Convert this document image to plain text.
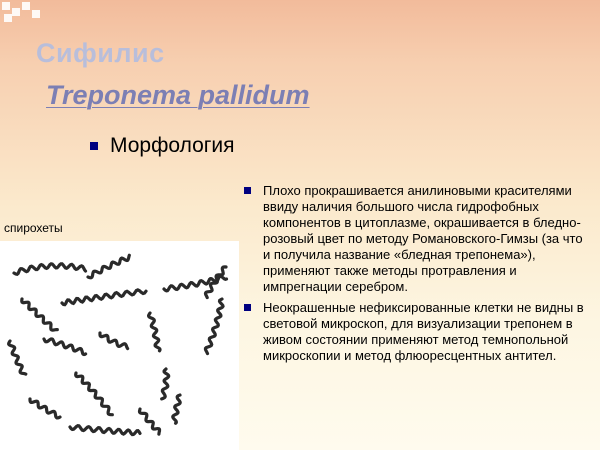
Сифилис
Treponema pallidum
Морфология
спирохеты
Плохо прокрашивается анилиновыми красителями ввиду наличия большого числа гидрофобных компонентов в цитоплазме, окрашивается в бледно-розовый цвет по методу Романовского-Гимзы (за что и получила название «бледная трепонема»), применяют также методы протравления и импрегнации серебром.
Неокрашенные нефиксированные клетки не видны в световой микроскоп, для визуализации трепонем в живом состоянии применяют метод темнопольной микроскопии и метод флюоресцентных антител.
